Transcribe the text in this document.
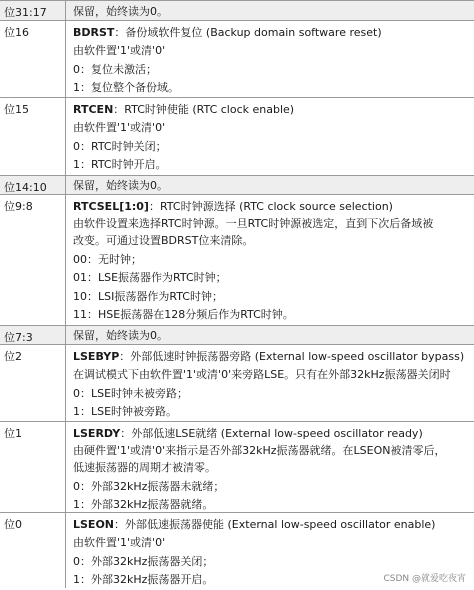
位31:17	保留，始终读为0。
位16	BDRST：备份域软件复位 (Backup domain software reset)
由软件置'1'或清'0'
0：复位未激活；
1：复位整个备份域。
位15	RTCEN：RTC时钟使能 (RTC clock enable)
由软件置'1'或清'0'
0：RTC时钟关闭；
1：RTC时钟开启。
位14:10	保留，始终读为0。
位9:8	RTCSEL[1:0]：RTC时钟源选择 (RTC clock source selection)
由软件设置来选择RTC时钟源。一旦RTC时钟源被选定，直到下次后备域被
改变。可通过设置BDRST位来清除。
00：无时钟；
01：LSE振荡器作为RTC时钟；
10：LSI振荡器作为RTC时钟；
11：HSE振荡器在128分频后作为RTC时钟。
位7:3	保留，始终读为0。
位2	LSEBYP：外部低速时钟振荡器旁路 (External low-speed oscillator bypass)
在调试模式下由软件置'1'或清'0'来旁路LSE。只有在外部32kHz振荡器关闭时
0：LSE时钟未被旁路；
1：LSE时钟被旁路。
位1	LSERDY：外部低速LSE就绪 (External low-speed oscillator ready)
由硬件置'1'或清'0'来指示是否外部32kHz振荡器就绪。在LSEON被清零后，
低速振荡器的周期才被清零。
0：外部32kHz振荡器未就绪；
1：外部32kHz振荡器就绪。
位0	LSEON：外部低速振荡器使能 (External low-speed oscillator enable)
由软件置'1'或清'0'
0：外部32kHz振荡器关闭；
1：外部32kHz振荡器开启。	CSDN @就爱吃夜宵
